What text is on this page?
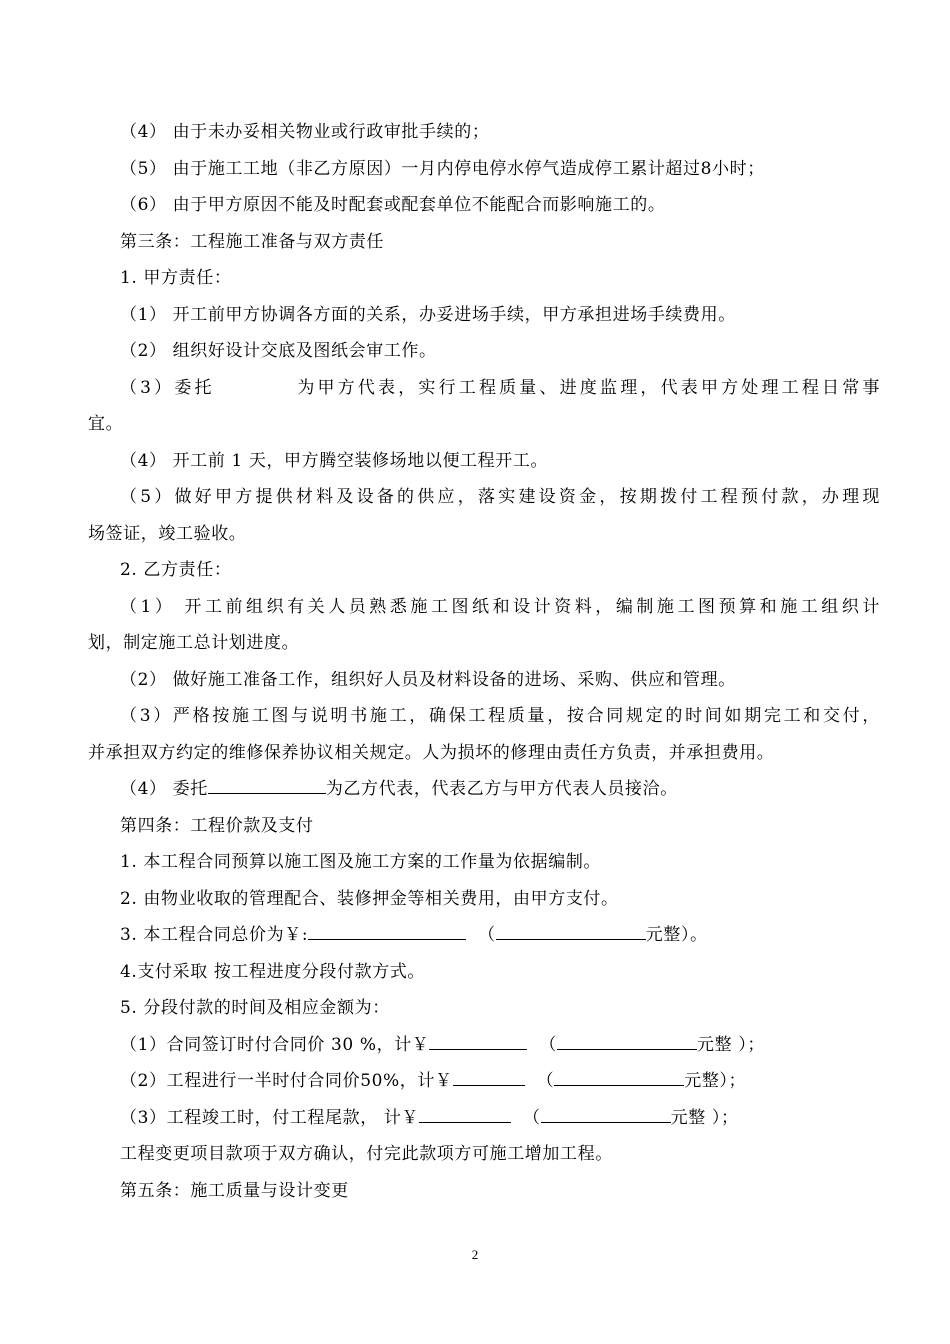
（4） 由于未办妥相关物业或行政审批手续的；
（5） 由于施工工地（非乙方原因）一月内停电停水停气造成停工累计超过8小时；
（6） 由于甲方原因不能及时配套或配套单位不能配合而影响施工的。
第三条：工程施工准备与双方责任
1. 甲方责任：
（1） 开工前甲方协调各方面的关系，办妥进场手续，甲方承担进场手续费用。
（2） 组织好设计交底及图纸会审工作。
（3）委托	为甲方代表，实行工程质量、进度监理，代表甲方处理工程日常事
宜。
（4） 开工前 1 天，甲方腾空装修场地以便工程开工。
（5）做好甲方提供材料及设备的供应，落实建设资金，按期拨付工程预付款，办理现
场签证，竣工验收。
2. 乙方责任：
（1） 开工前组织有关人员熟悉施工图纸和设计资料，编制施工图预算和施工组织计
划，制定施工总计划进度。
（2） 做好施工准备工作，组织好人员及材料设备的进场、采购、供应和管理。
（3）严格按施工图与说明书施工，确保工程质量，按合同规定的时间如期完工和交付，
并承担双方约定的维修保养协议相关规定。人为损坏的修理由责任方负责，并承担费用。
（4） 委托	为乙方代表，代表乙方与甲方代表人员接洽。
第四条：工程价款及支付
1. 本工程合同预算以施工图及施工方案的工作量为依据编制。
2. 由物业收取的管理配合、装修押金等相关费用，由甲方支付。
3. 本工程合同总价为￥:	（	元整）。
4.支付采取 按工程进度分段付款方式。
5. 分段付款的时间及相应金额为：
（1）合同签订时付合同价 30 %，计￥	（	元整 ）；
（2）工程进行一半时付合同价50%，计￥	（	元整）；
（3）工程竣工时，付工程尾款， 计￥	（	元整 ）；
工程变更项目款项于双方确认，付完此款项方可施工增加工程。
第五条：施工质量与设计变更
2
